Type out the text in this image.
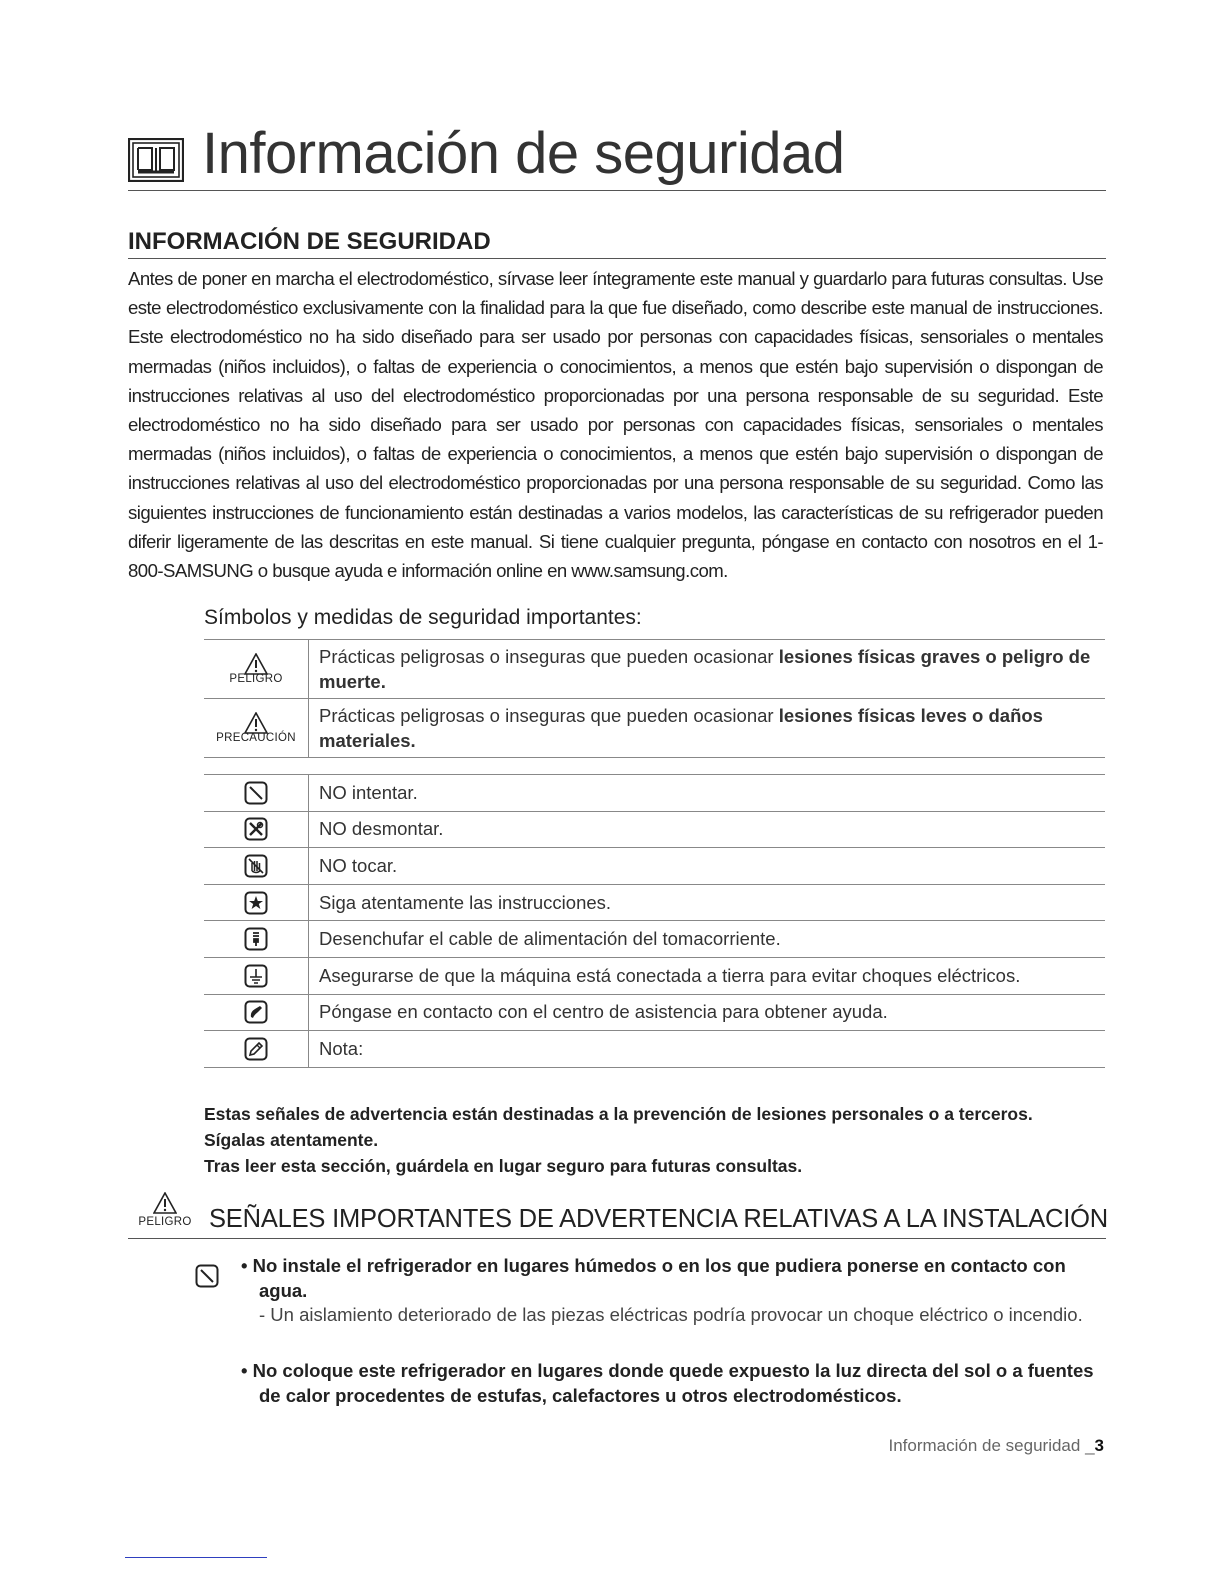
Información de seguridad
INFORMACIÓN DE SEGURIDAD

Antes de poner en marcha el electrodoméstico, sírvase leer íntegramente este manual y guardarlo para futuras consultas. Use este electrodoméstico exclusivamente con la finalidad para la que fue diseñado, como describe este manual de instrucciones. Este electrodoméstico no ha sido diseñado para ser usado por personas con capacidades físicas, sensoriales o mentales mermadas (niños incluidos), o faltas de experiencia o conocimientos, a menos que estén bajo supervisión o dispongan de instrucciones relativas al uso del electrodoméstico proporcionadas por una persona responsable de su seguridad. Este electrodoméstico no ha sido diseñado para ser usado por personas con capacidades físicas, sensoriales o mentales mermadas (niños incluidos), o faltas de experiencia o conocimientos, a menos que estén bajo supervisión o dispongan de instrucciones relativas al uso del electrodoméstico proporcionadas por una persona responsable de su seguridad. Como las siguientes instrucciones de funcionamiento están destinadas a varios modelos, las características de su refrigerador pueden diferir ligeramente de las descritas en este manual. Si tiene cualquier pregunta, póngase en contacto con nosotros en el 1-800-SAMSUNG o busque ayuda e información online en www.samsung.com.

Símbolos y medidas de seguridad importantes:
PELIGRO	Prácticas peligrosas o inseguras que pueden ocasionar lesiones físicas graves o peligro de muerte.

PRECAUCIÓN	Prácticas peligrosas o inseguras que pueden ocasionar lesiones físicas leves o daños materiales.
	NO intentar.

	NO desmontar.

	NO tocar.

	Siga atentamente las instrucciones.

	Desenchufar el cable de alimentación del tomacorriente.

	Asegurarse de que la máquina está conectada a tierra para evitar choques eléctricos.

	Póngase en contacto con el centro de asistencia para obtener ayuda.

	Nota:

Estas señales de advertencia están destinadas a la prevención de lesiones personales o a terceros.

Sígalas atentamente.

Tras leer esta sección, guárdela en lugar seguro para futuras consultas.

PELIGRO SEÑALES IMPORTANTES DE ADVERTENCIA RELATIVAS A LA INSTALACIÓN
• No instale el refrigerador en lugares húmedos o en los que pudiera ponerse en contacto con agua.
- Un aislamiento deteriorado de las piezas eléctricas podría provocar un choque eléctrico o incendio.
• No coloque este refrigerador en lugares donde quede expuesto la luz directa del sol o a fuentes de calor procedentes de estufas, calefactores u otros electrodomésticos.
Información de seguridad _3
